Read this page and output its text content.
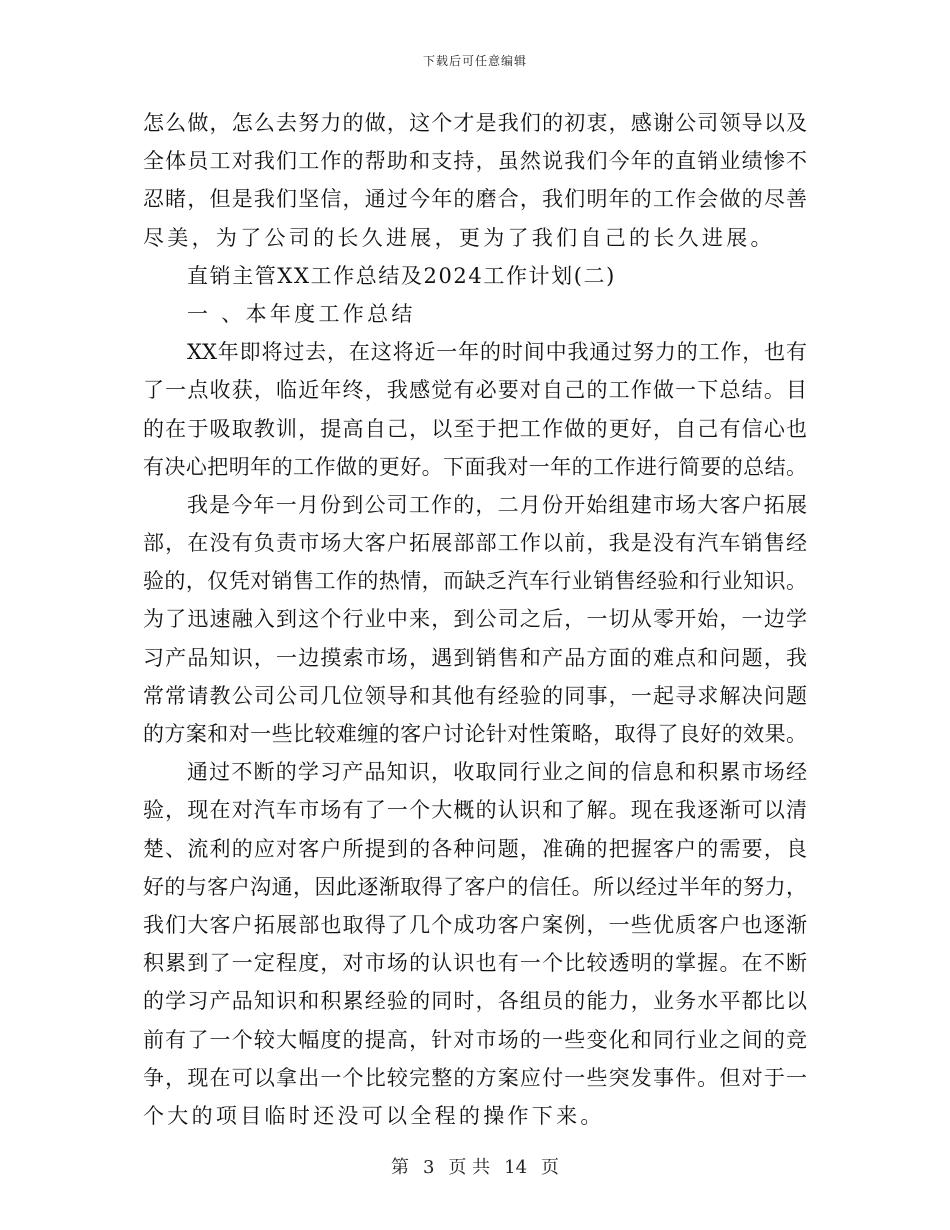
下载后可任意编辑
怎么做，怎么去努力的做，这个才是我们的初衷，感谢公司领导以及
全体员工对我们工作的帮助和支持，虽然说我们今年的直销业绩惨不
忍睹，但是我们坚信，通过今年的磨合，我们明年的工作会做的尽善
尽美，为了公司的长久进展，更为了我们自己的长久进展。
直销主管XX工作总结及2024工作计划(二)
一 、本年度工作总结
XX年即将过去，在这将近一年的时间中我通过努力的工作，也有
了一点收获，临近年终，我感觉有必要对自己的工作做一下总结。目
的在于吸取教训，提高自己，以至于把工作做的更好，自己有信心也
有决心把明年的工作做的更好。下面我对一年的工作进行简要的总结。
我是今年一月份到公司工作的，二月份开始组建市场大客户拓展
部，在没有负责市场大客户拓展部部工作以前，我是没有汽车销售经
验的，仅凭对销售工作的热情，而缺乏汽车行业销售经验和行业知识。
为了迅速融入到这个行业中来，到公司之后，一切从零开始，一边学
习产品知识，一边摸索市场，遇到销售和产品方面的难点和问题，我
常常请教公司公司几位领导和其他有经验的同事，一起寻求解决问题
的方案和对一些比较难缠的客户讨论针对性策略，取得了良好的效果。
通过不断的学习产品知识，收取同行业之间的信息和积累市场经
验，现在对汽车市场有了一个大概的认识和了解。现在我逐渐可以清
楚、流利的应对客户所提到的各种问题，准确的把握客户的需要，良
好的与客户沟通，因此逐渐取得了客户的信任。所以经过半年的努力，
我们大客户拓展部也取得了几个成功客户案例，一些优质客户也逐渐
积累到了一定程度，对市场的认识也有一个比较透明的掌握。在不断
的学习产品知识和积累经验的同时，各组员的能力，业务水平都比以
前有了一个较大幅度的提高，针对市场的一些变化和同行业之间的竞
争，现在可以拿出一个比较完整的方案应付一些突发事件。但对于一
个大的项目临时还没可以全程的操作下来。
第 3 页 共 14 页
